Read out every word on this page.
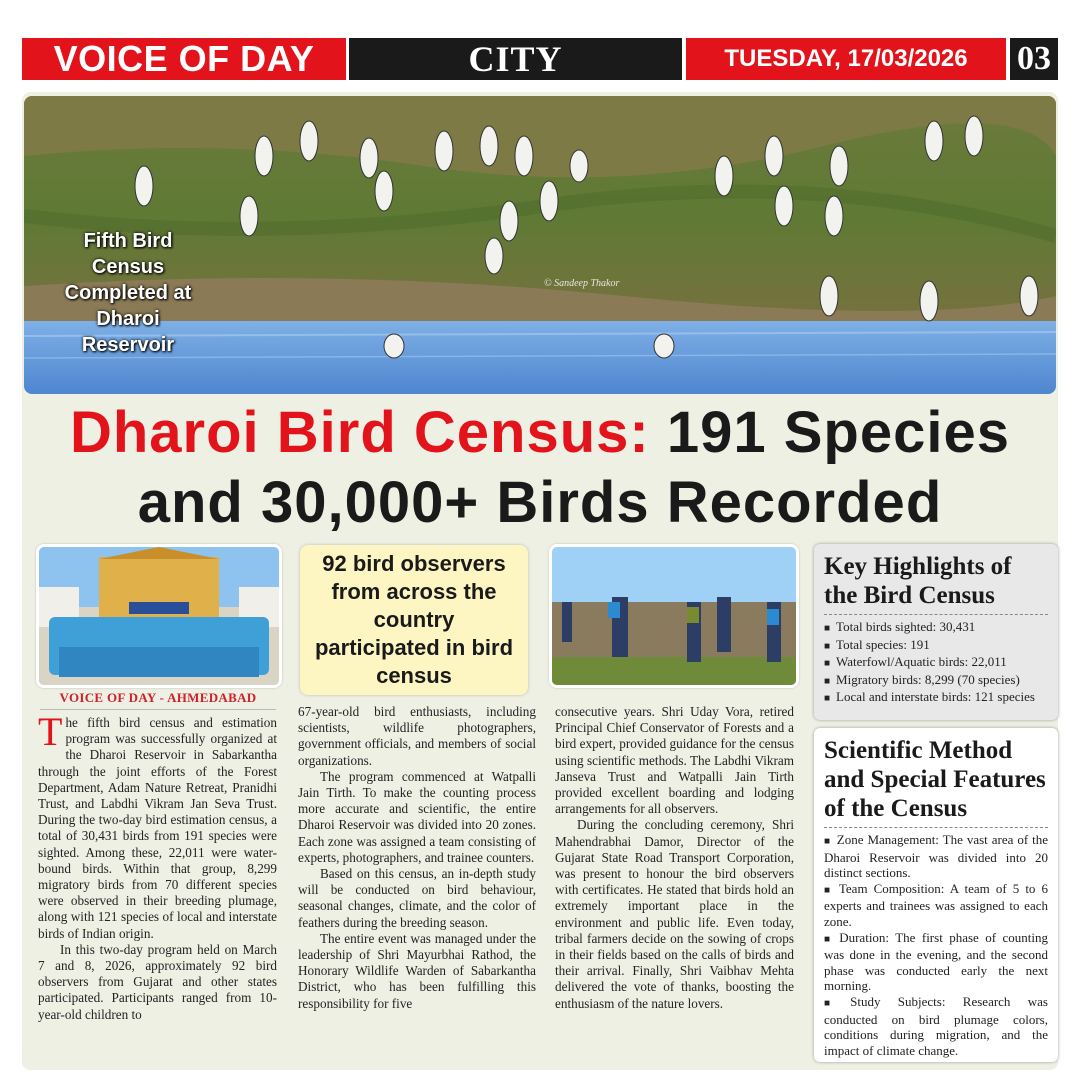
VOICE OF DAY	CITY	TUESDAY, 17/03/2026	03
© Sandeep Thakor
Fifth Bird Census Completed at Dharoi Reservoir
Dharoi Bird Census: 191 Species and 30,000+ Birds Recorded
VOICE OF DAY - AHMEDABAD
92 bird observers from across the country participated in bird census

The fifth bird census and estimation program was successfully organized at the Dharoi Reservoir in Sabarkantha through the joint efforts of the Forest Department, Adam Nature Retreat, Pranidhi Trust, and Labdhi Vikram Jan Seva Trust. During the two-day bird estimation census, a total of 30,431 birds from 191 species were sighted. Among these, 22,011 were water-bound birds. Within that group, 8,299 migratory birds from 70 different species were observed in their breeding plumage, along with 121 species of local and interstate birds of Indian origin.

In this two-day program held on March 7 and 8, 2026, approximately 92 bird observers from Gujarat and other states participated. Participants ranged from 10-year-old children to

67-year-old bird enthusiasts, including scientists, wildlife photographers, government officials, and members of social organizations.

The program commenced at Watpalli Jain Tirth. To make the counting process more accurate and scientific, the entire Dharoi Reservoir was divided into 20 zones. Each zone was assigned a team consisting of experts, photographers, and trainee counters.

Based on this census, an in-depth study will be conducted on bird behaviour, seasonal changes, climate, and the color of feathers during the breeding season.

The entire event was managed under the leadership of Shri Mayurbhai Rathod, the Honorary Wildlife Warden of Sabarkantha District, who has been fulfilling this responsibility for five

consecutive years. Shri Uday Vora, retired Principal Chief Conservator of Forests and a bird expert, provided guidance for the census using scientific methods. The Labdhi Vikram Janseva Trust and Watpalli Jain Tirth provided excellent boarding and lodging arrangements for all observers.

During the concluding ceremony, Shri Mahendrabhai Damor, Director of the Gujarat State Road Transport Corporation, was present to honour the bird observers with certificates. He stated that birds hold an extremely important place in the environment and public life. Even today, tribal farmers decide on the sowing of crops in their fields based on the calls of birds and their arrival. Finally, Shri Vaibhav Mehta delivered the vote of thanks, boosting the enthusiasm of the nature lovers.

Key Highlights of the Bird Census
■ Total birds sighted: 30,431
■ Total species: 191
■ Waterfowl/Aquatic birds: 22,011
■ Migratory birds: 8,299 (70 species)
■ Local and interstate birds: 121 species
Scientific Method and Special Features of the Census
■ Zone Management: The vast area of the Dharoi Reservoir was divided into 20 distinct sections.
■ Team Composition: A team of 5 to 6 experts and trainees was assigned to each zone.
■ Duration: The first phase of counting was done in the evening, and the second phase was conducted early the next morning.
■ Study Subjects: Research was conducted on bird plumage colors, conditions during migration, and the impact of climate change.
